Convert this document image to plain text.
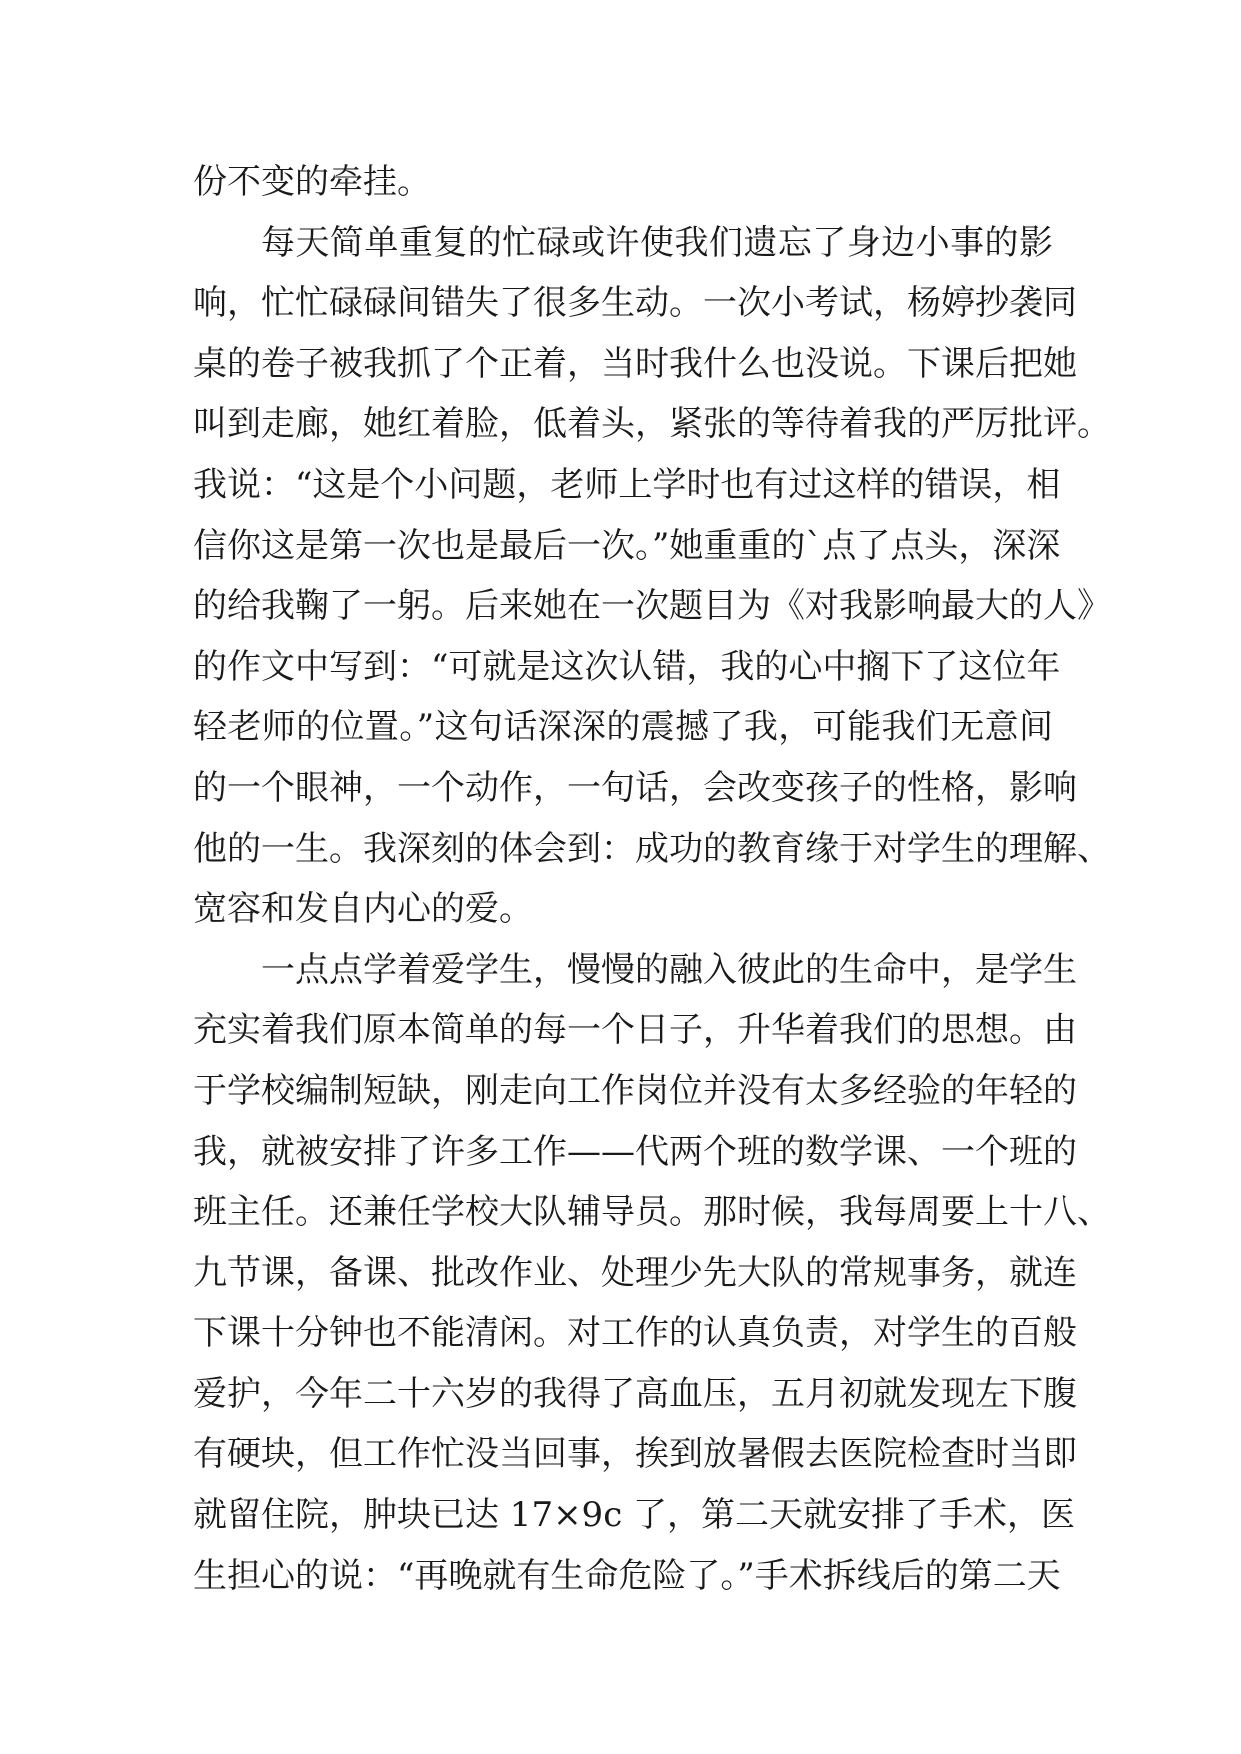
份不变的牵挂。
每天简单重复的忙碌或许使我们遗忘了身边小事的影
响，忙忙碌碌间错失了很多生动。一次小考试，杨婷抄袭同
桌的卷子被我抓了个正着，当时我什么也没说。下课后把她
叫到走廊，她红着脸，低着头，紧张的等待着我的严厉批评。
我说：“这是个小问题，老师上学时也有过这样的错误，相
信你这是第一次也是最后一次。”她重重的`点了点头，深深
的给我鞠了一躬。后来她在一次题目为《对我影响最大的人》
的作文中写到：“可就是这次认错，我的心中搁下了这位年
轻老师的位置。”这句话深深的震撼了我，可能我们无意间
的一个眼神，一个动作，一句话，会改变孩子的性格，影响
他的一生。我深刻的体会到：成功的教育缘于对学生的理解、
宽容和发自内心的爱。
一点点学着爱学生，慢慢的融入彼此的生命中，是学生
充实着我们原本简单的每一个日子，升华着我们的思想。由
于学校编制短缺，刚走向工作岗位并没有太多经验的年轻的
我，就被安排了许多工作——代两个班的数学课、一个班的
班主任。还兼任学校大队辅导员。那时候，我每周要上十八、
九节课，备课、批改作业、处理少先大队的常规事务，就连
下课十分钟也不能清闲。对工作的认真负责，对学生的百般
爱护，今年二十六岁的我得了高血压，五月初就发现左下腹
有硬块，但工作忙没当回事，挨到放暑假去医院检查时当即
就留住院，肿块已达 17×9c 了，第二天就安排了手术，医
生担心的说：“再晚就有生命危险了。”手术拆线后的第二天
